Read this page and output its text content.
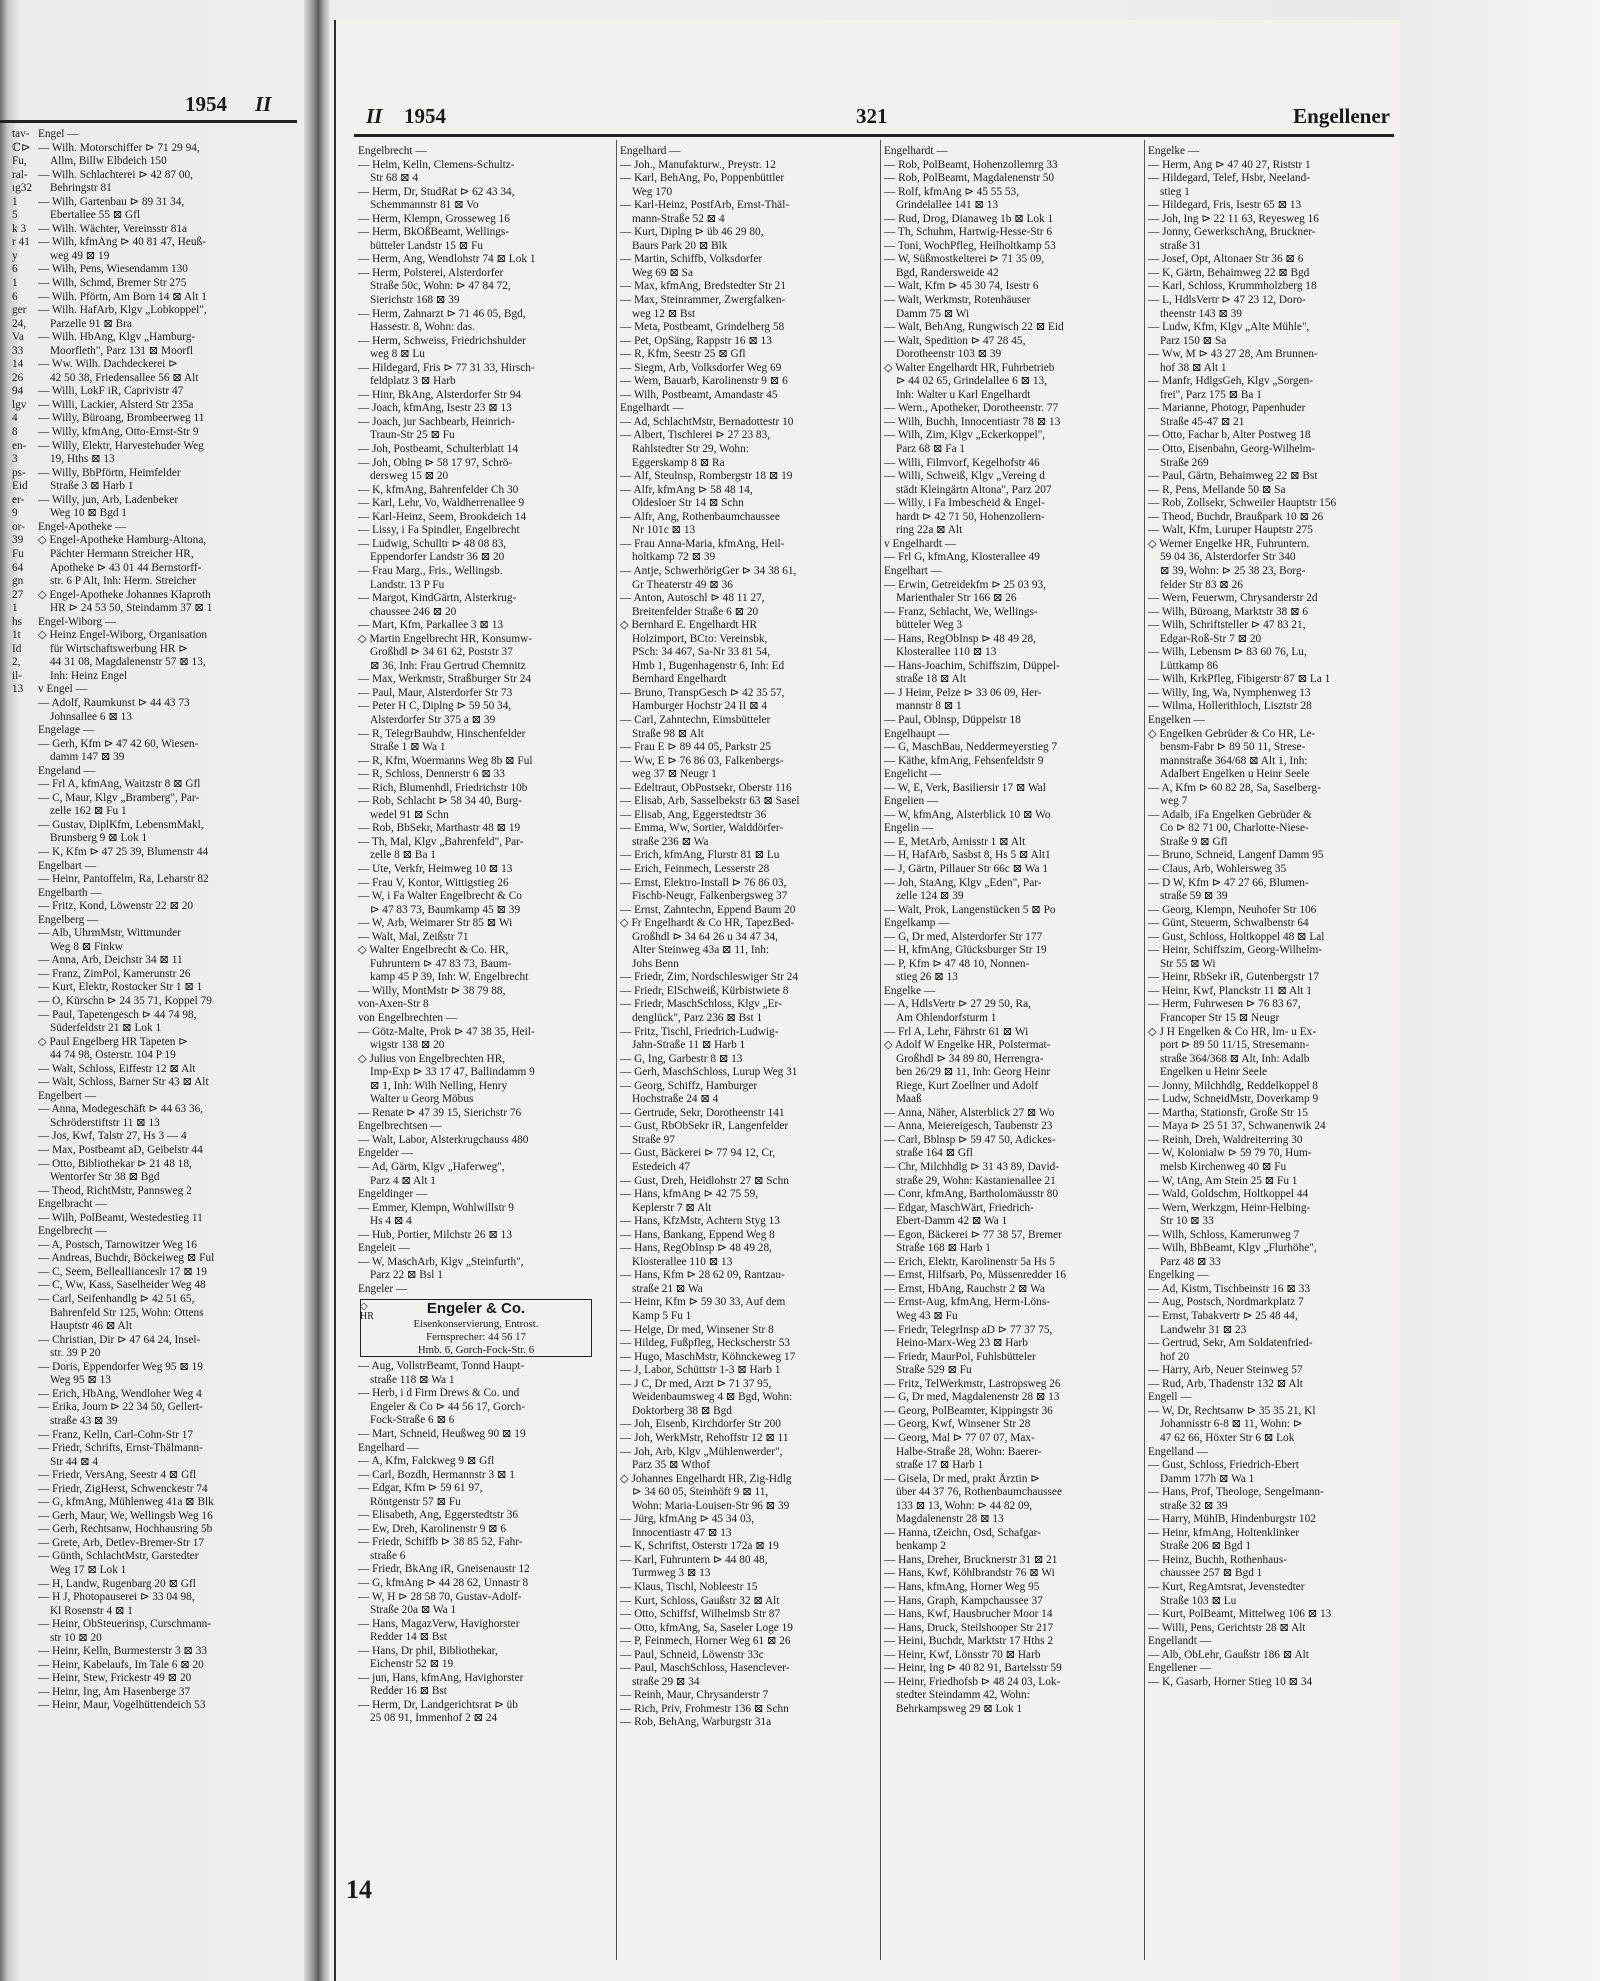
1954 II
tav-
ℂ⊳
Fu,
ral-
ıg32
1
5
k 3
r 41
y
6
1
6
ger
24,
Va
33
14
26
94
lgv
4
8
en-
3
ps-
Eid
er-
9
or-
39
Fu
64
gn
27
1
hs
1t
Id
2,
il-
13
Engel —
— Wilh. Motorschiffer ⊳ 71 29 94,
Allm, Billw Elbdeich 150
— Wilh. Schlachterei ⊳ 42 87 00,
Behringstr 81
— Wilh, Gartenbau ⊳ 89 31 34,
Ebertallee 55 ⊠ Gfl
— Wilh. Wächter, Vereinsstr 81a
— Wilh, kfmAng ⊳ 40 81 47, Heuß-
weg 49 ⊠ 19
— Wilh, Pens, Wiesendamm 130
— Wilh, Schmd, Bremer Str 275
— Wilh. Pförtn, Am Born 14 ⊠ Alt 1
— Wilh. HafArb, Klgv „Lobkoppel",
Parzelle 91 ⊠ Bra
— Wilh. HbAng, Klgv „Hamburg-
Moorfleth", Parz 131 ⊠ Moorfl
— Ww. Wilh. Dachdeckerei ⊳
42 50 38, Friedensallee 56 ⊠ Alt
— Willi, LokF iR, Caprivistr 47
— Willi, Lackier, Alsterd Str 235a
— Willy, Büroang, Brombeerweg 11
— Willy, kfmAng, Otto-Ernst-Str 9
— Willy, Elektr, Harvestehuder Weg
19, Hths ⊠ 13
— Willy, BbPförtn, Heimfelder
Straße 3 ⊠ Harb 1
— Willy, jun, Arb, Ladenbeker
Weg 10 ⊠ Bgd 1
Engel-Apotheke —
◇ Engel-Apotheke Hamburg-Altona,
Pächter Hermann Streicher HR,
Apotheke ⊳ 43 01 44 Bernstorff-
str. 6 P Alt, Inh: Herm. Streicher
◇ Engel-Apotheke Johannes Klaproth
HR ⊳ 24 53 50, Steindamm 37 ⊠ 1
Engel-Wiborg —
◇ Heinz Engel-Wiborg, Organisation
für Wirtschaftswerbung HR ⊳
44 31 08, Magdalenenstr 57 ⊠ 13,
Inh: Heinz Engel
v Engel —
— Adolf, Raumkunst ⊳ 44 43 73
Johnsallee 6 ⊠ 13
Engelage —
— Gerh, Kfm ⊳ 47 42 60, Wiesen-
damm 147 ⊠ 39
Engeland —
— Frl A, kfmAng, Waitzstr 8 ⊠ Gfl
— C, Maur, Klgv „Bramberg", Par-
zelle 162 ⊠ Fu 1
— Gustav, DiplKfm, LebensmMakl,
Brunsberg 9 ⊠ Lok 1
— K, Kfm ⊳ 47 25 39, Blumenstr 44
Engelbart —
— Heinr, Pantoffelm, Ra, Leharstr 82
Engelbarth —
— Fritz, Kond, Löwenstr 22 ⊠ 20
Engelberg —
— Alb, UhrmMstr, Wittmunder
Weg 8 ⊠ Finkw
— Anna, Arb, Deichstr 34 ⊠ 11
— Franz, ZimPol, Kamerunstr 26
— Kurt, Elektr, Rostocker Str 1 ⊠ 1
— O, Kürschn ⊳ 24 35 71, Koppel 79
— Paul, Tapetengesch ⊳ 44 74 98,
Süderfeldstr 21 ⊠ Lok 1
◇ Paul Engelberg HR Tapeten ⊳
44 74 98, Osterstr. 104 P 19
— Walt, Schloss, Eiffestr 12 ⊠ Alt
— Walt, Schloss, Barner Str 43 ⊠ Alt
Engelbert —
— Anna, Modegeschäft ⊳ 44 63 36,
Schröderstiftstr 11 ⊠ 13
— Jos, Kwf, Talstr 27, Hs 3 — 4
— Max, Postbeamt aD, Geibelstr 44
— Otto, Bibliothekar ⊳ 21 48 18,
Wentorfer Str 38 ⊠ Bgd
— Theod, RichtMstr, Pannsweg 2
Engelbracht —
— Wilh, PolBeamt, Westedestieg 11
Engelbrecht —
— A, Postsch, Tarnowitzer Weg 16
— Andreas, Buchdr, Böckeiweg ⊠ Ful
— C, Seem, Belleallianceslr 17 ⊠ 19
— C, Ww, Kass, Saselheider Weg 48
— Carl, Seifenhandlg ⊳ 42 51 65,
Bahrenfeld Str 125, Wohn: Ottens
Hauptstr 46 ⊠ Alt
— Christian, Dir ⊳ 47 64 24, Insel-
str. 39 P 20
— Doris, Eppendorfer Weg 95 ⊠ 19
Weg 95 ⊠ 13
— Erich, HbAng, Wendloher Weg 4
— Erika, Journ ⊳ 22 34 50, Gellert-
straße 43 ⊠ 39
— Franz, Kelln, Carl-Cohn-Str 17
— Friedr, Schrifts, Ernst-Thälmann-
Str 44 ⊠ 4
— Friedr, VersAng, Seestr 4 ⊠ Gfl
— Friedr, ZigHerst, Schwenckestr 74
— G, kfmAng, Mühlenweg 41a ⊠ Blk
— Gerh, Maur, We, Wellingsb Weg 16
— Gerh, Rechtsanw, Hochhausring 5b
— Grete, Arb, Detlev-Bremer-Str 17
— Günth, SchlachtMstr, Garstedter
Weg 17 ⊠ Lok 1
— H, Landw, Rugenbarg 20 ⊠ Gfl
— H J, Photopauserei ⊳ 33 04 98,
Kl Rosenstr 4 ⊠ 1
— Heinr, ObSteuerinsp, Curschmann-
str 10 ⊠ 20
— Heinr, Kelln, Burmesterstr 3 ⊠ 33
— Heinr, Kabelaufs, Im Tale 6 ⊠ 20
— Heinr, Stew, Frickestr 49 ⊠ 20
— Heinr, Ing, Am Hasenberge 37
— Heinr, Maur, Vogelhüttendeich 53
II 1954	321	Engellener
Engelbrecht —
— Helm, Kelln, Clemens-Schultz-
Str 68 ⊠ 4
— Herm, Dr, StudRat ⊳ 62 43 34,
Schemmannstr 81 ⊠ Vo
— Herm, Klempn, Grosseweg 16
— Herm, BkOßBeamt, Wellings-
bütteler Landstr 15 ⊠ Fu
— Herm, Ang, Wendlohstr 74 ⊠ Lok 1
— Herm, Polsterei, Alsterdorfer
Straße 50c, Wohn: ⊳ 47 84 72,
Sierichstr 168 ⊠ 39
— Herm, Zahnarzt ⊳ 71 46 05, Bgd,
Hassestr. 8, Wohn: das.
— Herm, Schweiss, Friedrichshulder
weg 8 ⊠ Lu
— Hildegard, Fris ⊳ 77 31 33, Hirsch-
feldplatz 3 ⊠ Harb
— Hinr, BkAng, Alsterdorfer Str 94
— Joach, kfmAng, Isestr 23 ⊠ 13
— Joach, jur Sachbearb, Heinrich-
Traun-Str 25 ⊠ Fu
— Joh, Postbeamt, Schulterblatt 14
— Joh, Oblng ⊳ 58 17 97, Schrö-
dersweg 15 ⊠ 20
— K, kfmAng, Bahrenfelder Ch 30
— Karl, Lehr, Vo, Waldherrenallee 9
— Karl-Heinz, Seem, Brookdeich 14
— Lissy, i Fa Spindler, Engelbrecht
— Ludwig, Schulltr ⊳ 48 08 83,
Eppendorfer Landstr 36 ⊠ 20
— Frau Marg., Fris., Wellingsb.
Landstr. 13 P Fu
— Margot, KindGärtn, Alsterkrug-
chaussee 246 ⊠ 20
— Mart, Kfm, Parkallee 3 ⊠ 13
◇ Martin Engelbrecht HR, Konsumw-
Großhdl ⊳ 34 61 62, Poststr 37
⊠ 36, Inh: Frau Gertrud Chemnitz
— Max, Werkmstr, Straßburger Str 24
— Paul, Maur, Alsterdorfer Str 73
— Peter H C, Diplng ⊳ 59 50 34,
Alsterdorfer Str 375 a ⊠ 39
— R, TelegrBauhdw, Hinschenfelder
Straße 1 ⊠ Wa 1
— R, Kfm, Woermanns Weg 8b ⊠ Ful
— R, Schloss, Dennerstr 6 ⊠ 33
— Rich, Blumenhdl, Friedrichstr 10b
— Rob, Schlacht ⊳ 58 34 40, Burg-
wedel 91 ⊠ Schn
— Rob, BbSekr, Marthastr 48 ⊠ 19
— Th, Mal, Klgv „Bahrenfeld", Par-
zelle 8 ⊠ Ba 1
— Ute, Verkfr, Heimweg 10 ⊠ 13
— Frau V, Kontor, Wittigstieg 26
— W, i Fa Walter Engelbrecht & Co
⊳ 47 83 73, Baumkamp 45 ⊠ 39
— W, Arb, Weimarer Str 85 ⊠ Wi
— Walt, Mal, Zeißstr 71
◇ Walter Engelbrecht & Co. HR,
Fuhruntern ⊳ 47 83 73, Baum-
kamp 45 P 39, Inh: W. Engelbrecht
— Willy, MontMstr ⊳ 38 79 88,
von-Axen-Str 8
von Engelbrechten —
— Götz-Malte, Prok ⊳ 47 38 35, Heil-
wigstr 138 ⊠ 20
◇ Julius von Engelbrechten HR,
Imp-Exp ⊳ 33 17 47, Ballindamm 9
⊠ 1, Inh: Wilh Nelling, Henry
Walter u Georg Möbus
— Renate ⊳ 47 39 15, Sierichstr 76
Engelbrechtsen —
— Walt, Labor, Alsterkrugchauss 480
Engelder —
— Ad, Gärtn, Klgv „Haferweg",
Parz 4 ⊠ Alt 1
Engeldinger —
— Emmer, Klempn, Wohlwillstr 9
Hs 4 ⊠ 4
— Hub, Portier, Milchstr 26 ⊠ 13
Engeleit —
— W, MaschArb, Klgv „Steinfurth",
Parz 22 ⊠ Bsl 1
Engeler —
◇
HR	Engeler & Co.
Eisenkonservierung, Entrost.
Fernsprecher: 44 56 17
Hmb. 6, Gorch-Fock-Str. 6
— Aug, VollstrBeamt, Tonnd Haupt-
straße 118 ⊠ Wa 1
— Herb, i d Firm Drews & Co. und
Engeler & Co ⊳ 44 56 17, Gorch-
Fock-Straße 6 ⊠ 6
— Mart, Schneid, Heußweg 90 ⊠ 19
Engelhard —
— A, Kfm, Falckweg 9 ⊠ Gfl
— Carl, Bozdh, Hermannstr 3 ⊠ 1
— Edgar, Kfm ⊳ 59 61 97,
Röntgenstr 57 ⊠ Fu
— Elisabeth, Ang, Eggerstedtstr 36
— Ew, Dreh, Karolinenstr 9 ⊠ 6
— Friedr, Schiffb ⊳ 38 85 52, Fahr-
straße 6
— Friedr, BkAng iR, Gneisenaustr 12
— G, kfmAng ⊳ 44 28 62, Unnastr 8
— W, H ⊳ 28 58 70, Gustav-Adolf-
Straße 20a ⊠ Wa 1
— Hans, MagazVerw, Havighorster
Redder 14 ⊠ Bst
— Hans, Dr phil, Bibliothekar,
Eichenstr 52 ⊠ 19
— jun, Hans, kfmAng, Havighorster
Redder 16 ⊠ Bst
— Herm, Dr, Landgerichtsrat ⊳ üb
25 08 91, Immenhof 2 ⊠ 24
Engelhard —
— Joh., Manufakturw., Preystr. 12
— Karl, BehAng, Po, Poppenbüttler
Weg 170
— Karl-Heinz, PostfArb, Ernst-Thäl-
mann-Straße 52 ⊠ 4
— Kurt, Diplng ⊳ üb 46 29 80,
Baurs Park 20 ⊠ Blk
— Martin, Schiffb, Volksdorfer
Weg 69 ⊠ Sa
— Max, kfmAng, Bredstedter Str 21
— Max, Steinrammer, Zwergfalken-
weg 12 ⊠ Bst
— Meta, Postbeamt, Grindelberg 58
— Pet, OpSäng, Rappstr 16 ⊠ 13
— R, Kfm, Seestr 25 ⊠ Gfl
— Siegm, Arb, Volksdorfer Weg 69
— Wern, Bauarb, Karolinenstr 9 ⊠ 6
— Wilh, Postbeamt, Amandastr 45
Engelhardt —
— Ad, SchlachtMstr, Bernadottestr 10
— Albert, Tischlerei ⊳ 27 23 83,
Rahlstedter Str 29, Wohn:
Eggerskamp 8 ⊠ Ra
— Alf, Steulnsp, Rombergstr 18 ⊠ 19
— Alfr, kfmAng ⊳ 58 48 14,
Oldesloer Str 14 ⊠ Schn
— Alfr, Ang, Rothenbaumchaussee
Nr 101c ⊠ 13
— Frau Anna-Maria, kfmAng, Heil-
holtkamp 72 ⊠ 39
— Antje, SchwerhörigGer ⊳ 34 38 61,
Gr Theaterstr 49 ⊠ 36
— Anton, Autoschl ⊳ 48 11 27,
Breitenfelder Straße 6 ⊠ 20
◇ Bernhard E. Engelhardt HR
Holzimport, BCto: Vereinsbk,
PSch: 34 467, Sa-Nr 33 81 54,
Hmb 1, Bugenhagenstr 6, Inh: Ed
Bernhard Engelhardt
— Bruno, TranspGesch ⊳ 42 35 57,
Hamburger Hochstr 24 II ⊠ 4
— Carl, Zahntechn, Eimsbütteler
Straße 98 ⊠ Alt
— Frau E ⊳ 89 44 05, Parkstr 25
— Ww, E ⊳ 76 86 03, Falkenbergs-
weg 37 ⊠ Neugr 1
— Edeltraut, ObPostsekr, Oberstr 116
— Elisab, Arb, Sasselbekstr 63 ⊠ Sasel
— Elisab, Ang, Eggerstedtstr 36
— Emma, Ww, Sortier, Walddörfer-
straße 236 ⊠ Wa
— Erich, kfmAng, Flurstr 81 ⊠ Lu
— Erich, Feinmech, Lesserstr 28
— Ernst, Elektro-Install ⊳ 76 86 03,
Fischb-Neugr, Falkenbergsweg 37
— Ernst, Zahntechn, Eppend Baum 20
◇ Fr Engelhardt & Co HR, TapezBed-
Großhdl ⊳ 34 64 26 u 34 47 34,
Alter Steinweg 43a ⊠ 11, Inh:
Johs Benn
— Friedr, Zim, Nordschleswiger Str 24
— Friedr, ElSchweiß, Kürbistwiete 8
— Friedr, MaschSchloss, Klgv „Er-
denglück", Parz 236 ⊠ Bst 1
— Fritz, Tischl, Friedrich-Ludwig-
Jahn-Straße 11 ⊠ Harb 1
— G, Ing, Garbestr 8 ⊠ 13
— Gerh, MaschSchloss, Lurup Weg 31
— Georg, Schiffz, Hamburger
Hochstraße 24 ⊠ 4
— Gertrude, Sekr, Dorotheenstr 141
— Gust, RbObSekr iR, Langenfelder
Straße 97
— Gust, Bäckerei ⊳ 77 94 12, Cr,
Estedeich 47
— Gust, Dreh, Heidlohstr 27 ⊠ Schn
— Hans, kfmAng ⊳ 42 75 59,
Keplerstr 7 ⊠ Alt
— Hans, KfzMstr, Achtern Styg 13
— Hans, Bankang, Eppend Weg 8
— Hans, RegObInsp ⊳ 48 49 28,
Klosterallee 110 ⊠ 13
— Hans, Kfm ⊳ 28 62 09, Rantzau-
straße 21 ⊠ Wa
— Heinr, Kfm ⊳ 59 30 33, Auf dem
Kamp 5 Fu 1
— Helge, Dr med, Winsener Str 8
— Hildeg, Fußpfleg, Heckscherstr 53
— Hugo, MaschMstr, Köhnckeweg 17
— J, Labor, Schüttstr 1-3 ⊠ Harb 1
— J C, Dr med, Arzt ⊳ 71 37 95,
Weidenbaumsweg 4 ⊠ Bgd, Wohn:
Doktorberg 38 ⊠ Bgd
— Joh, Eisenb, Kirchdorfer Str 200
— Joh, WerkMstr, Rehoffstr 12 ⊠ 11
— Joh, Arb, Klgv „Mühlenwerder",
Parz 35 ⊠ Wthof
◇ Johannes Engelhardt HR, Zig-Hdlg
⊳ 34 60 05, Steinhöft 9 ⊠ 11,
Wohn: Maria-Louisen-Str 96 ⊠ 39
— Jürg, kfmAng ⊳ 45 34 03,
Innocentiastr 47 ⊠ 13
— K, Schriftst, Osterstr 172a ⊠ 19
— Karl, Fuhruntern ⊳ 44 80 48,
Turmweg 3 ⊠ 13
— Klaus, Tischl, Nobleestr 15
— Kurt, Schloss, Gaußstr 32 ⊠ Alt
— Otto, Schiffsf, Wilhelmsb Str 87
— Otto, kfmAng, Sa, Saseler Loge 19
— P, Feinmech, Horner Weg 61 ⊠ 26
— Paul, Schneid, Löwenstr 33c
— Paul, MaschSchloss, Hasenclever-
straße 29 ⊠ 34
— Reinh, Maur, Chrysanderstr 7
— Rich, Priv, Frohmestr 136 ⊠ Schn
— Rob, BehAng, Warburgstr 31a
Engelhardt —
— Rob, PolBeamt, Hohenzollernrg 33
— Rob, PolBeamt, Magdalenenstr 50
— Rolf, kfmAng ⊳ 45 55 53,
Grindelallee 141 ⊠ 13
— Rud, Drog, Dianaweg 1b ⊠ Lok 1
— Th, Schuhm, Hartwig-Hesse-Str 6
— Toni, WochPfleg, Heilholtkamp 53
— W, Süßmostkelterei ⊳ 71 35 09,
Bgd, Randersweide 42
— Walt, Kfm ⊳ 45 30 74, Isestr 6
— Walt, Werkmstr, Rotenhäuser
Damm 75 ⊠ Wi
— Walt, BehAng, Rungwisch 22 ⊠ Eid
— Walt, Spedition ⊳ 47 28 45,
Dorotheenstr 103 ⊠ 39
◇ Walter Engelhardt HR, Fuhrbetrieb
⊳ 44 02 65, Grindelallee 6 ⊠ 13,
Inh: Walter u Karl Engelhardt
— Wern., Apotheker, Dorotheenstr. 77
— Wilh, Buchh, Innocentiastr 78 ⊠ 13
— Wilh, Zim, Klgv „Eckerkoppel",
Parz 68 ⊠ Fa 1
— Willi, Filmvorf, Kegelhofstr 46
— Willi, Schweiß, Klgv „Vereing d
städt Kleingärtn Altona", Parz 207
— Willy, i Fa Imbescheid & Engel-
hardt ⊳ 42 71 50, Hohenzollern-
ring 22a ⊠ Alt
v Engelhardt —
— Frl G, kfmAng, Klosterallee 49
Engelhart —
— Erwin, Getreidekfm ⊳ 25 03 93,
Marienthaler Str 166 ⊠ 26
— Franz, Schlacht, We, Wellings-
bütteler Weg 3
— Hans, RegObInsp ⊳ 48 49 28,
Klosterallee 110 ⊠ 13
— Hans-Joachim, Schiffszim, Düppel-
straße 18 ⊠ Alt
— J Heinr, Pelze ⊳ 33 06 09, Her-
mannstr 8 ⊠ 1
— Paul, Oblnsp, Düppelstr 18
Engelhaupt —
— G, MaschBau, Neddermeyerstieg 7
— Käthe, kfmAng, Fehsenfeldstr 9
Engelicht —
— W, E, Verk, Basiliersir 17 ⊠ Wal
Engelien —
— W, kfmAng, Alsterblick 10 ⊠ Wo
Engelin —
— E, MetArb, Arnisstr 1 ⊠ Alt
— H, HafArb, Sasbst 8, Hs 5 ⊠ Alt1
— J, Gärtn, Pillauer Str 66c ⊠ Wa 1
— Joh, StaAng, Klgv „Eden", Par-
zelle 124 ⊠ 39
— Walt, Prok, Langenstücken 5 ⊠ Po
Engelkamp —
— G, Dr med, Alsterdorfer Str 177
— H, kfmAng, Glücksburger Str 19
— P, Kfm ⊳ 47 48 10, Nonnen-
stieg 26 ⊠ 13
Engelke —
— A, HdlsVertr ⊳ 27 29 50, Ra,
Am Ohlendorfsturm 1
— Frl A, Lehr, Fährstr 61 ⊠ Wi
◇ Adolf W Engelke HR, Polstermat-
Großhdl ⊳ 34 89 80, Herrengra-
ben 26/29 ⊠ 11, Inh: Georg Heinr
Riege, Kurt Zoellner und Adolf
Maaß
— Anna, Näher, Alsterblick 27 ⊠ Wo
— Anna, Meiereigesch, Taubenstr 23
— Carl, Bblnsp ⊳ 59 47 50, Adickes-
straße 164 ⊠ Gfl
— Chr, Milchhdlg ⊳ 31 43 89, David-
straße 29, Wohn: Kastanienallee 21
— Conr, kfmAng, Bartholomäusstr 80
— Edgar, MaschWärt, Friedrich-
Ebert-Damm 42 ⊠ Wa 1
— Egon, Bäckerei ⊳ 77 38 57, Bremer
Straße 168 ⊠ Harb 1
— Erich, Elektr, Karolinenstr 5a Hs 5
— Ernst, Hilfsarb, Po, Müssenredder 16
— Ernst, HbAng, Rauchstr 2 ⊠ Wa
— Ernst-Aug, kfmAng, Herm-Löns-
Weg 43 ⊠ Fu
— Friedr, TelegrInsp aD ⊳ 77 37 75,
Heino-Marx-Weg 23 ⊠ Harb
— Friedr, MaurPol, Fuhlsbütteler
Straße 529 ⊠ Fu
— Fritz, TelWerkmstr, Lastropsweg 26
— G, Dr med, Magdalenenstr 28 ⊠ 13
— Georg, PolBeamter, Kippingstr 36
— Georg, Kwf, Winsener Str 28
— Georg, Mal ⊳ 77 07 07, Max-
Halbe-Straße 28, Wohn: Baerer-
straße 17 ⊠ Harb 1
— Gisela, Dr med, prakt Ärztin ⊳
über 44 37 76, Rothenbaumchaussee
133 ⊠ 13, Wohn: ⊳ 44 82 09,
Magdalenenstr 28 ⊠ 13
— Hanna, tZeichn, Osd, Schafgar-
benkamp 2
— Hans, Dreher, Brucknerstr 31 ⊠ 21
— Hans, Kwf, Köhlbrandstr 76 ⊠ Wi
— Hans, kfmAng, Horner Weg 95
— Hans, Graph, Kampchaussee 37
— Hans, Kwf, Hausbrucher Moor 14
— Hans, Druck, Steilshooper Str 217
— Heini, Buchdr, Marktstr 17 Hths 2
— Heinr, Kwf, Lönsstr 70 ⊠ Harb
— Heinr, Ing ⊳ 40 82 91, Bartelsstr 59
— Heinr, Friedhofsb ⊳ 48 24 03, Lok-
stedter Steindamm 42, Wohn:
Behrkampsweg 29 ⊠ Lok 1
Engelke —
— Herm, Ang ⊳ 47 40 27, Riststr 1
— Hildegard, Telef, Hsbr, Neeland-
stieg 1
— Hildegard, Fris, Isestr 65 ⊠ 13
— Joh, Ing ⊳ 22 11 63, Reyesweg 16
— Jonny, GewerkschAng, Bruckner-
straße 31
— Josef, Opt, Altonaer Str 36 ⊠ 6
— K, Gärtn, Behaimweg 22 ⊠ Bgd
— Karl, Schloss, Krummholzberg 18
— L, HdlsVertr ⊳ 47 23 12, Doro-
theenstr 143 ⊠ 39
— Ludw, Kfm, Klgv „Alte Mühle",
Parz 150 ⊠ Sa
— Ww, M ⊳ 43 27 28, Am Brunnen-
hof 38 ⊠ Alt 1
— Manfr, HdlgsGeh, Klgv „Sorgen-
frei", Parz 175 ⊠ Ba 1
— Marianne, Photogr, Papenhuder
Straße 45-47 ⊠ 21
— Otto, Fachar b, Alter Postweg 18
— Otto, Eisenbahn, Georg-Wilhelm-
Straße 269
— Paul, Gärtn, Behaimweg 22 ⊠ Bst
— R, Pens, Mellande 50 ⊠ Sa
— Rob, Zollsekr, Schweiler Hauptstr 156
— Theod, Buchdr, Braußpark 10 ⊠ 26
— Walt, Kfm, Luruper Hauptstr 275
◇ Werner Engelke HR, Fuhruntern.
59 04 36, Alsterdorfer Str 340
⊠ 39, Wohn: ⊳ 25 38 23, Borg-
felder Str 83 ⊠ 26
— Wern, Feuerwm, Chrysanderstr 2d
— Wilh, Büroang, Marktstr 38 ⊠ 6
— Wilh, Schriftsteller ⊳ 47 83 21,
Edgar-Roß-Str 7 ⊠ 20
— Wilh, Lebensm ⊳ 83 60 76, Lu,
Lüttkamp 86
— Wilh, KrkPfleg, Fibigerstr 87 ⊠ La 1
— Willy, Ing, Wa, Nymphenweg 13
— Wilma, Hollerithloch, Lisztstr 28
Engelken —
◇ Engelken Gebrüder & Co HR, Le-
bensm-Fabr ⊳ 89 50 11, Strese-
mannstraße 364/68 ⊠ Alt 1, Inh:
Adalbert Engelken u Heinr Seele
— A, Kfm ⊳ 60 82 28, Sa, Saselberg-
weg 7
— Adalb, iFa Engelken Gebrüder &
Co ⊳ 82 71 00, Charlotte-Niese-
Straße 9 ⊠ Gfl
— Bruno, Schneid, Langenf Damm 95
— Claus, Arb, Wohlersweg 35
— D W, Kfm ⊳ 47 27 66, Blumen-
straße 59 ⊠ 39
— Georg, Klempn, Neuhofer Str 106
— Günt, Steuerm, Schwalbenstr 64
— Gust, Schloss, Holtkoppel 48 ⊠ Lal
— Heinr, Schiffszim, Georg-Wilhelm-
Str 55 ⊠ Wi
— Heinr, RbSekr iR, Gutenbergstr 17
— Heinr, Kwf, Planckstr 11 ⊠ Alt 1
— Herm, Fuhrwesen ⊳ 76 83 67,
Francoper Str 15 ⊠ Neugr
◇ J H Engelken & Co HR, Im- u Ex-
port ⊳ 89 50 11/15, Stresemann-
straße 364/368 ⊠ Alt, Inh: Adalb
Engelken u Heinr Seele
— Jonny, Milchhdlg, Reddelkoppel 8
— Ludw, SchneidMstr, Doverkamp 9
— Martha, Stationsfr, Große Str 15
— Maya ⊳ 25 51 37, Schwanenwik 24
— Reinh, Dreh, Waldreiterring 30
— W, Kolonialw ⊳ 59 79 70, Hum-
melsb Kirchenweg 40 ⊠ Fu
— W, tAng, Am Stein 25 ⊠ Fu 1
— Wald, Goldschm, Holtkoppel 44
— Wern, Werkzgm, Heinr-Helbing-
Str 10 ⊠ 33
— Wilh, Schloss, Kamerunweg 7
— Wilh, BbBeamt, Klgv „Flurhöhe",
Parz 48 ⊠ 33
Engelking —
— Ad, Kistm, Tischbeinstr 16 ⊠ 33
— Aug, Postsch, Nordmarkplatz 7
— Ernst, Tabakvertr ⊳ 25 48 44,
Landwehr 31 ⊠ 23
— Gertrud, Sekr, Am Soldatenfried-
hof 20
— Harry, Arb, Neuer Steinweg 57
— Rud, Arb, Thadenstr 132 ⊠ Alt
Engell —
— W, Dr, Rechtsanw ⊳ 35 35 21, Kl
Johannisstr 6-8 ⊠ 11, Wohn: ⊳
47 62 66, Höxter Str 6 ⊠ Lok
Engelland —
— Gust, Schloss, Friedrich-Ebert
Damm 177h ⊠ Wa 1
— Hans, Prof, Theologe, Sengelmann-
straße 32 ⊠ 39
— Harry, MühlB, Hindenburgstr 102
— Heinr, kfmAng, Holtenklinker
Straße 206 ⊠ Bgd 1
— Heinz, Buchh, Rothenhaus-
chaussee 257 ⊠ Bgd 1
— Kurt, RegAmtsrat, Jevenstedter
Straße 103 ⊠ Lu
— Kurt, PolBeamt, Mittelweg 106 ⊠ 13
— Willi, Pens, Gerichtstr 28 ⊠ Alt
Engellandt —
— Alb, ObLehr, Gaußstr 186 ⊠ Alt
Engellener —
— K, Gasarb, Horner Stieg 10 ⊠ 34
14
